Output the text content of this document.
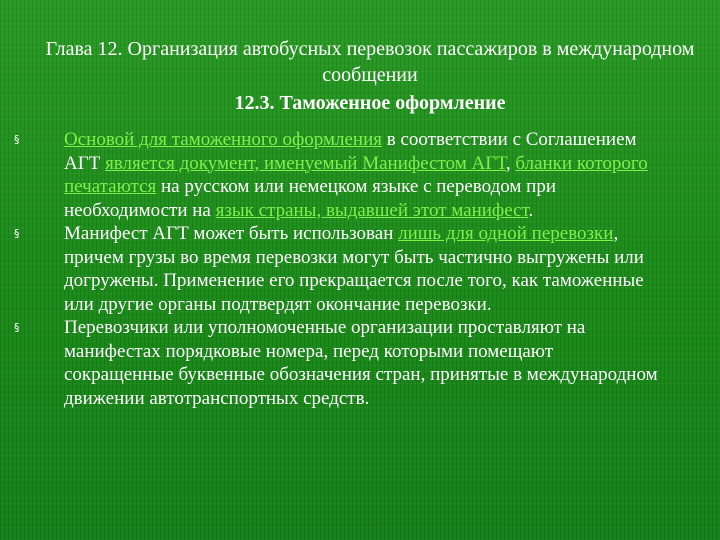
Глава 12. Организация автобусных перевозок пассажиров в международном сообщении
12.3. Таможенное оформление
§ Основой для таможенного оформления в соответствии с Соглашением АГТ является документ, именуемый Манифестом АГТ, бланки которого печатаются на русском или немецком языке с переводом при необходимости на язык страны, выдавшей этот манифест.
§ Манифест АГТ может быть использован лишь для одной перевозки, причем грузы во время перевозки могут быть частично выгружены или догружены. Применение его прекращается после того, как таможенные или другие органы подтвердят окончание перевозки.
§ Перевозчики или уполномоченные организации проставляют на манифестах порядковые номера, перед которыми помещают сокращенные буквенные обозначения стран, принятые в международном движении автотранспортных средств.
